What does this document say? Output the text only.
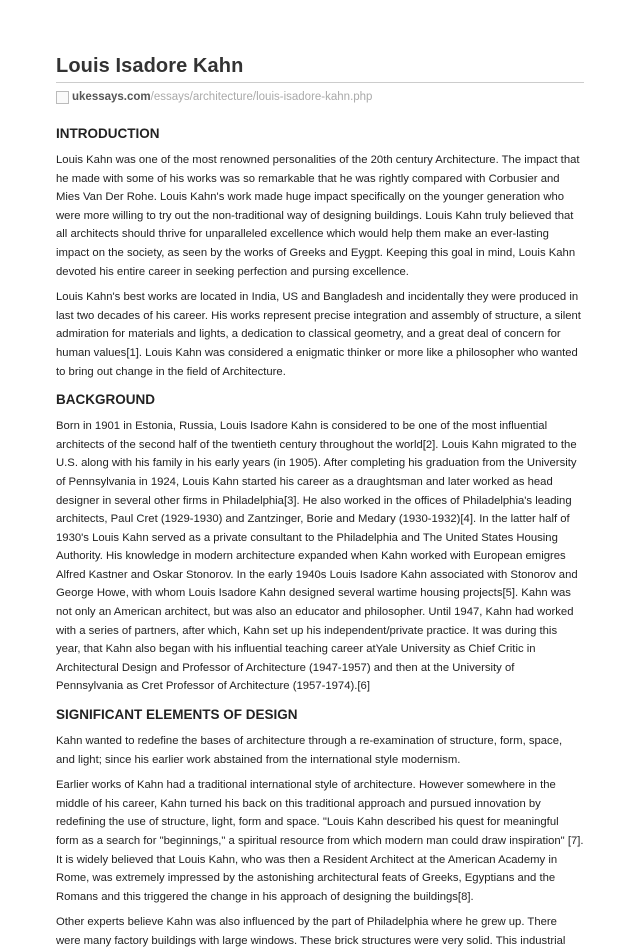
Louis Isadore Kahn
ukessays.com /essays/architecture/louis-isadore-kahn.php
INTRODUCTION

Louis Kahn was one of the most renowned personalities of the 20th century Architecture. The impact that he made with some of his works was so remarkable that he was rightly compared with Corbusier and Mies Van Der Rohe. Louis Kahn's work made huge impact specifically on the younger generation who were more willing to try out the non-traditional way of designing buildings. Louis Kahn truly believed that all architects should thrive for unparalleled excellence which would help them make an ever-lasting impact on the society, as seen by the works of Greeks and Eygpt. Keeping this goal in mind, Louis Kahn devoted his entire career in seeking perfection and pursing excellence.

Louis Kahn's best works are located in India, US and Bangladesh and incidentally they were produced in last two decades of his career. His works represent precise integration and assembly of structure, a silent admiration for materials and lights, a dedication to classical geometry, and a great deal of concern for human values[1]. Louis Kahn was considered a enigmatic thinker or more like a philosopher who wanted to bring out change in the field of Architecture.

BACKGROUND

Born in 1901 in Estonia, Russia, Louis Isadore Kahn is considered to be one of the most influential architects of the second half of the twentieth century throughout the world[2]. Louis Kahn migrated to the U.S. along with his family in his early years (in 1905). After completing his graduation from the University of Pennsylvania in 1924, Louis Kahn started his career as a draughtsman and later worked as head designer in several other firms in Philadelphia[3]. He also worked in the offices of Philadelphia's leading architects, Paul Cret (1929-1930) and Zantzinger, Borie and Medary (1930-1932)[4]. In the latter half of 1930's Louis Kahn served as a private consultant to the Philadelphia and The United States Housing Authority. His knowledge in modern architecture expanded when Kahn worked with European emigres Alfred Kastner and Oskar Stonorov. In the early 1940s Louis Isadore Kahn associated with Stonorov and George Howe, with whom Louis Isadore Kahn designed several wartime housing projects[5]. Kahn was not only an American architect, but was also an educator and philosopher. Until 1947, Kahn had worked with a series of partners, after which, Kahn set up his independent/private practice. It was during this year, that Kahn also began with his influential teaching career atYale University as Chief Critic in Architectural Design and Professor of Architecture (1947-1957) and then at the University of Pennsylvania as Cret Professor of Architecture (1957-1974).[6]

SIGNIFICANT ELEMENTS OF DESIGN

Kahn wanted to redefine the bases of architecture through a re-examination of structure, form, space, and light; since his earlier work abstained from the international style modernism.

Earlier works of Kahn had a traditional international style of architecture. However somewhere in the middle of his career, Kahn turned his back on this traditional approach and pursued innovation by redefining the use of structure, light, form and space. "Louis Kahn described his quest for meaningful form as a search for "beginnings," a spiritual resource from which modern man could draw inspiration" [7]. It is widely believed that Louis Kahn, who was then a Resident Architect at the American Academy in Rome, was extremely impressed by the astonishing architectural feats of Greeks, Egyptians and the Romans and this triggered the change in his approach of designing the buildings[8].

Other experts believe Kahn was also influenced by the part of Philadelphia where he grew up. There were many factory buildings with large windows. These brick structures were very solid. This industrial
